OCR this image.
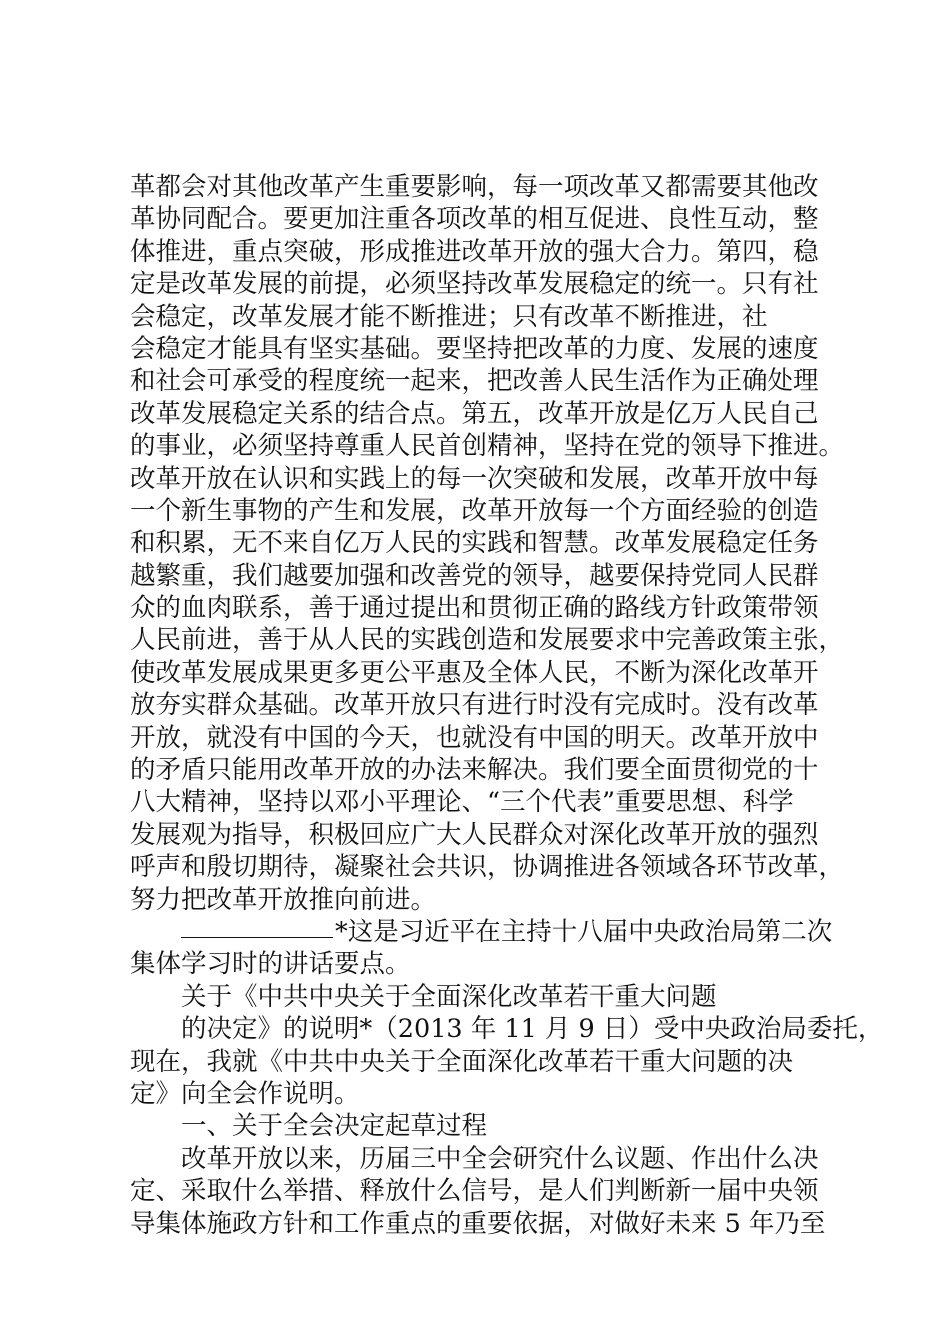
革都会对其他改革产生重要影响，每一项改革又都需要其他改
革协同配合。要更加注重各项改革的相互促进、良性互动，整
体推进，重点突破，形成推进改革开放的强大合力。第四，稳
定是改革发展的前提，必须坚持改革发展稳定的统一。只有社
会稳定，改革发展才能不断推进；只有改革不断推进，社
会稳定才能具有坚实基础。要坚持把改革的力度、发展的速度
和社会可承受的程度统一起来，把改善人民生活作为正确处理
改革发展稳定关系的结合点。第五，改革开放是亿万人民自己
的事业，必须坚持尊重人民首创精神，坚持在党的领导下推进。
改革开放在认识和实践上的每一次突破和发展，改革开放中每
一个新生事物的产生和发展，改革开放每一个方面经验的创造
和积累，无不来自亿万人民的实践和智慧。改革发展稳定任务
越繁重，我们越要加强和改善党的领导，越要保持党同人民群
众的血肉联系，善于通过提出和贯彻正确的路线方针政策带领
人民前进，善于从人民的实践创造和发展要求中完善政策主张，
使改革发展成果更多更公平惠及全体人民，不断为深化改革开
放夯实群众基础。改革开放只有进行时没有完成时。没有改革
开放，就没有中国的今天，也就没有中国的明天。改革开放中
的矛盾只能用改革开放的办法来解决。我们要全面贯彻党的十
八大精神，坚持以邓小平理论、“三个代表”重要思想、科学
发展观为指导，积极回应广大人民群众对深化改革开放的强烈
呼声和殷切期待，凝聚社会共识，协调推进各领域各环节改革，
努力把改革开放推向前进。
*这是习近平在主持十八届中央政治局第二次
集体学习时的讲话要点。
关于《中共中央关于全面深化改革若干重大问题
的决定》的说明*（2013 年 11 月 9 日）受中央政治局委托，
现在，我就《中共中央关于全面深化改革若干重大问题的决
定》向全会作说明。
一、关于全会决定起草过程
改革开放以来，历届三中全会研究什么议题、作出什么决
定、采取什么举措、释放什么信号，是人们判断新一届中央领
导集体施政方针和工作重点的重要依据，对做好未来 5 年乃至
